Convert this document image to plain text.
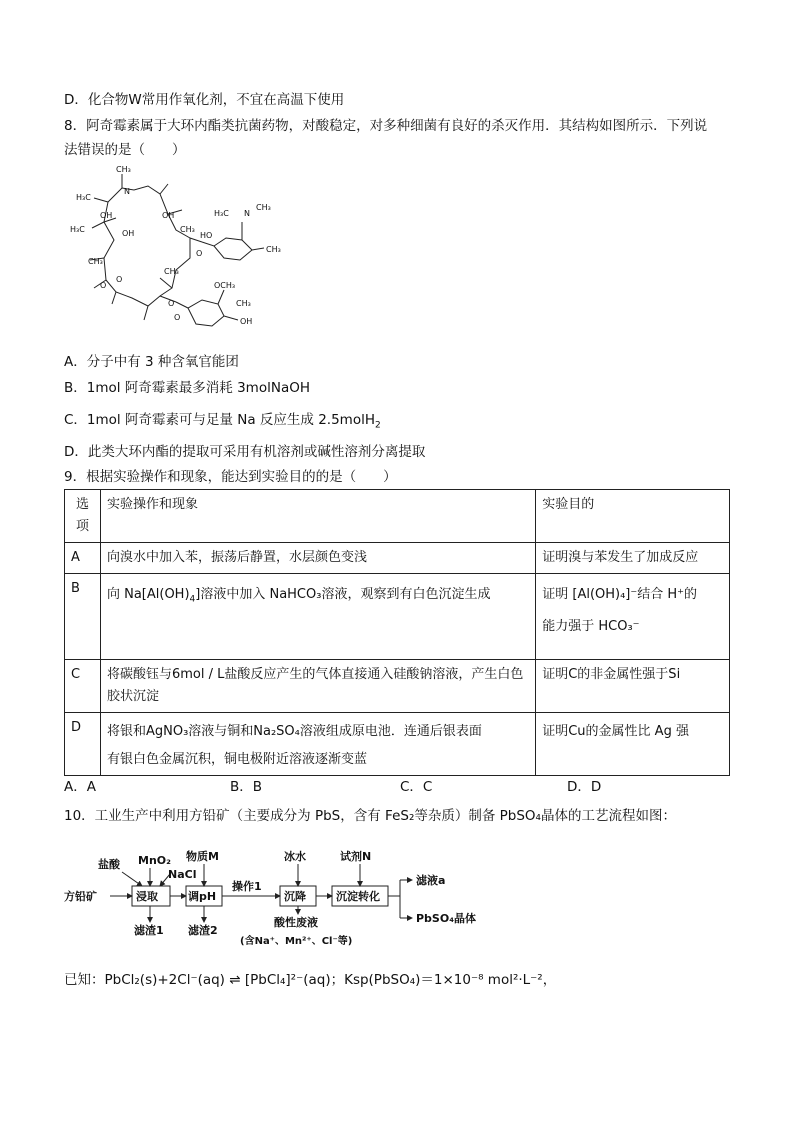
D．化合物W常用作氧化剂，不宜在高温下使用
8．阿奇霉素属于大环内酯类抗菌药物，对酸稳定，对多种细菌有良好的杀灭作用．其结构如图所示．下列说
法错误的是（　　）
CH₃
N
H₃C
OH
OH
H₃C
OH
CH₃
H₃C N
CH₃
HO
CH₃
O
CH₃
O
O
CH₃
O
OCH₃
CH₃
OH
O
A．分子中有 3 种含氧官能团
B．1mol 阿奇霉素最多消耗 3molNaOH
C．1mol 阿奇霉素可与足量 Na 反应生成 2.5molH$_2$
D．此类大环内酯的提取可采用有机溶剂或碱性溶剂分离提取
9．根据实验操作和现象，能达到实验目的的是（　　）
选项	实验操作和现象	实验目的
A	向溴水中加入苯，振荡后静置，水层颜色变浅	证明溴与苯发生了加成反应
B	向 $Na[Al(OH)_4]$溶液中加入 NaHCO₃溶液，观察到有白色沉淀生成	证明 [Al(OH)₄]⁻结合 H⁺的
能力强于 HCO₃⁻

C	将碳酸钰与6mol / L盐酸反应产生的气体直接通入硅酸钠溶液，产生白色胶状沉淀	证明C的非金属性强于Si
D	将银和AgNO₃溶液与铜和Na₂SO₄溶液组成原电池．连通后银表面
有银白色金属沉积，铜电极附近溶液逐渐变蓝	证明Cu的金属性比 Ag 强
A．A	B．B	C．C	D．D
10．工业生产中利用方铅矿（主要成分为 PbS，含有 FeS₂等杂质）制备 PbSO₄晶体的工艺流程如图：
方铅矿
盐酸 MnO₂
NaCl
物质M
浸取	调pH
操作1
冰水
沉降
试剂N
沉淀转化
滤液a
PbSO₄晶体
滤渣1 滤渣2
酸性废液
(含Na⁺、Mn²⁺、Cl⁻等)
已知：PbCl₂(s)+2Cl⁻(aq) ⇌ [PbCl₄]²⁻(aq)；Ksp(PbSO₄)＝1×10⁻⁸ mol²·L⁻²，
